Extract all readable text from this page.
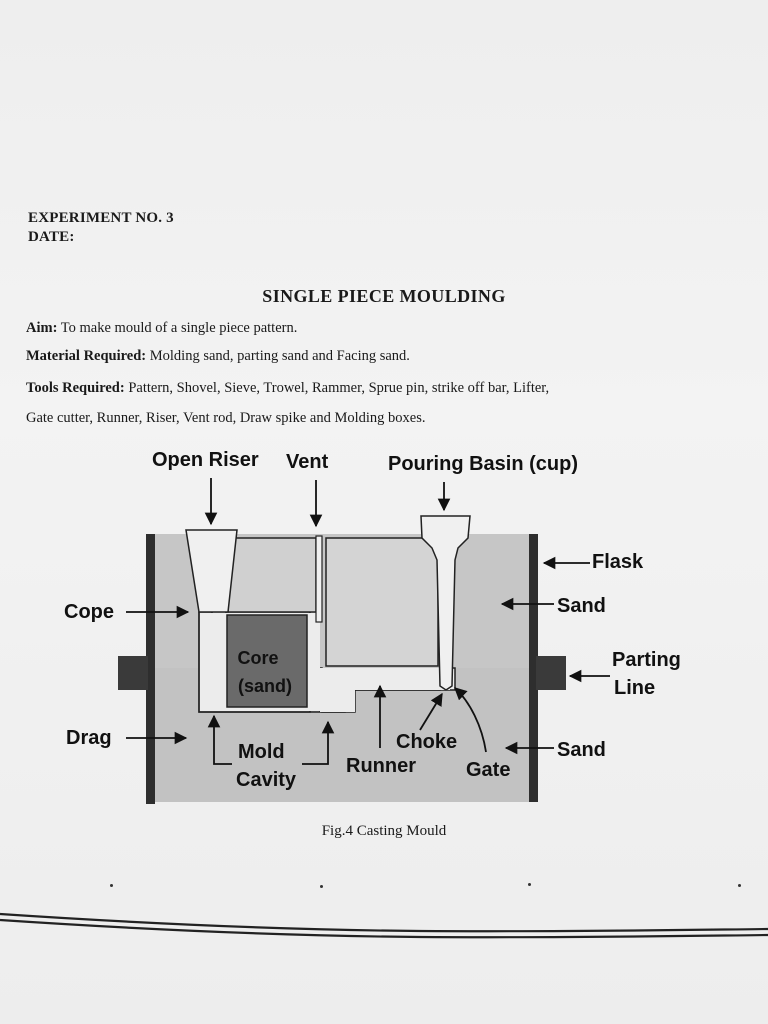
EXPERIMENT NO. 3
DATE:
SINGLE PIECE MOULDING
Aim: To make mould of a single piece pattern.
Material Required: Molding sand, parting sand and Facing sand.
Tools Required: Pattern, Shovel, Sieve, Trowel, Rammer, Sprue pin, strike off bar, Lifter,
Gate cutter, Runner, Riser, Vent rod, Draw spike and Molding boxes.
Core
(sand)
Open Riser Vent	Pouring Basin (cup)
Flask
Sand
Parting
Line
Sand
Cope
Drag
Mold
Cavity
Runner
Choke
Gate
Fig.4 Casting Mould
